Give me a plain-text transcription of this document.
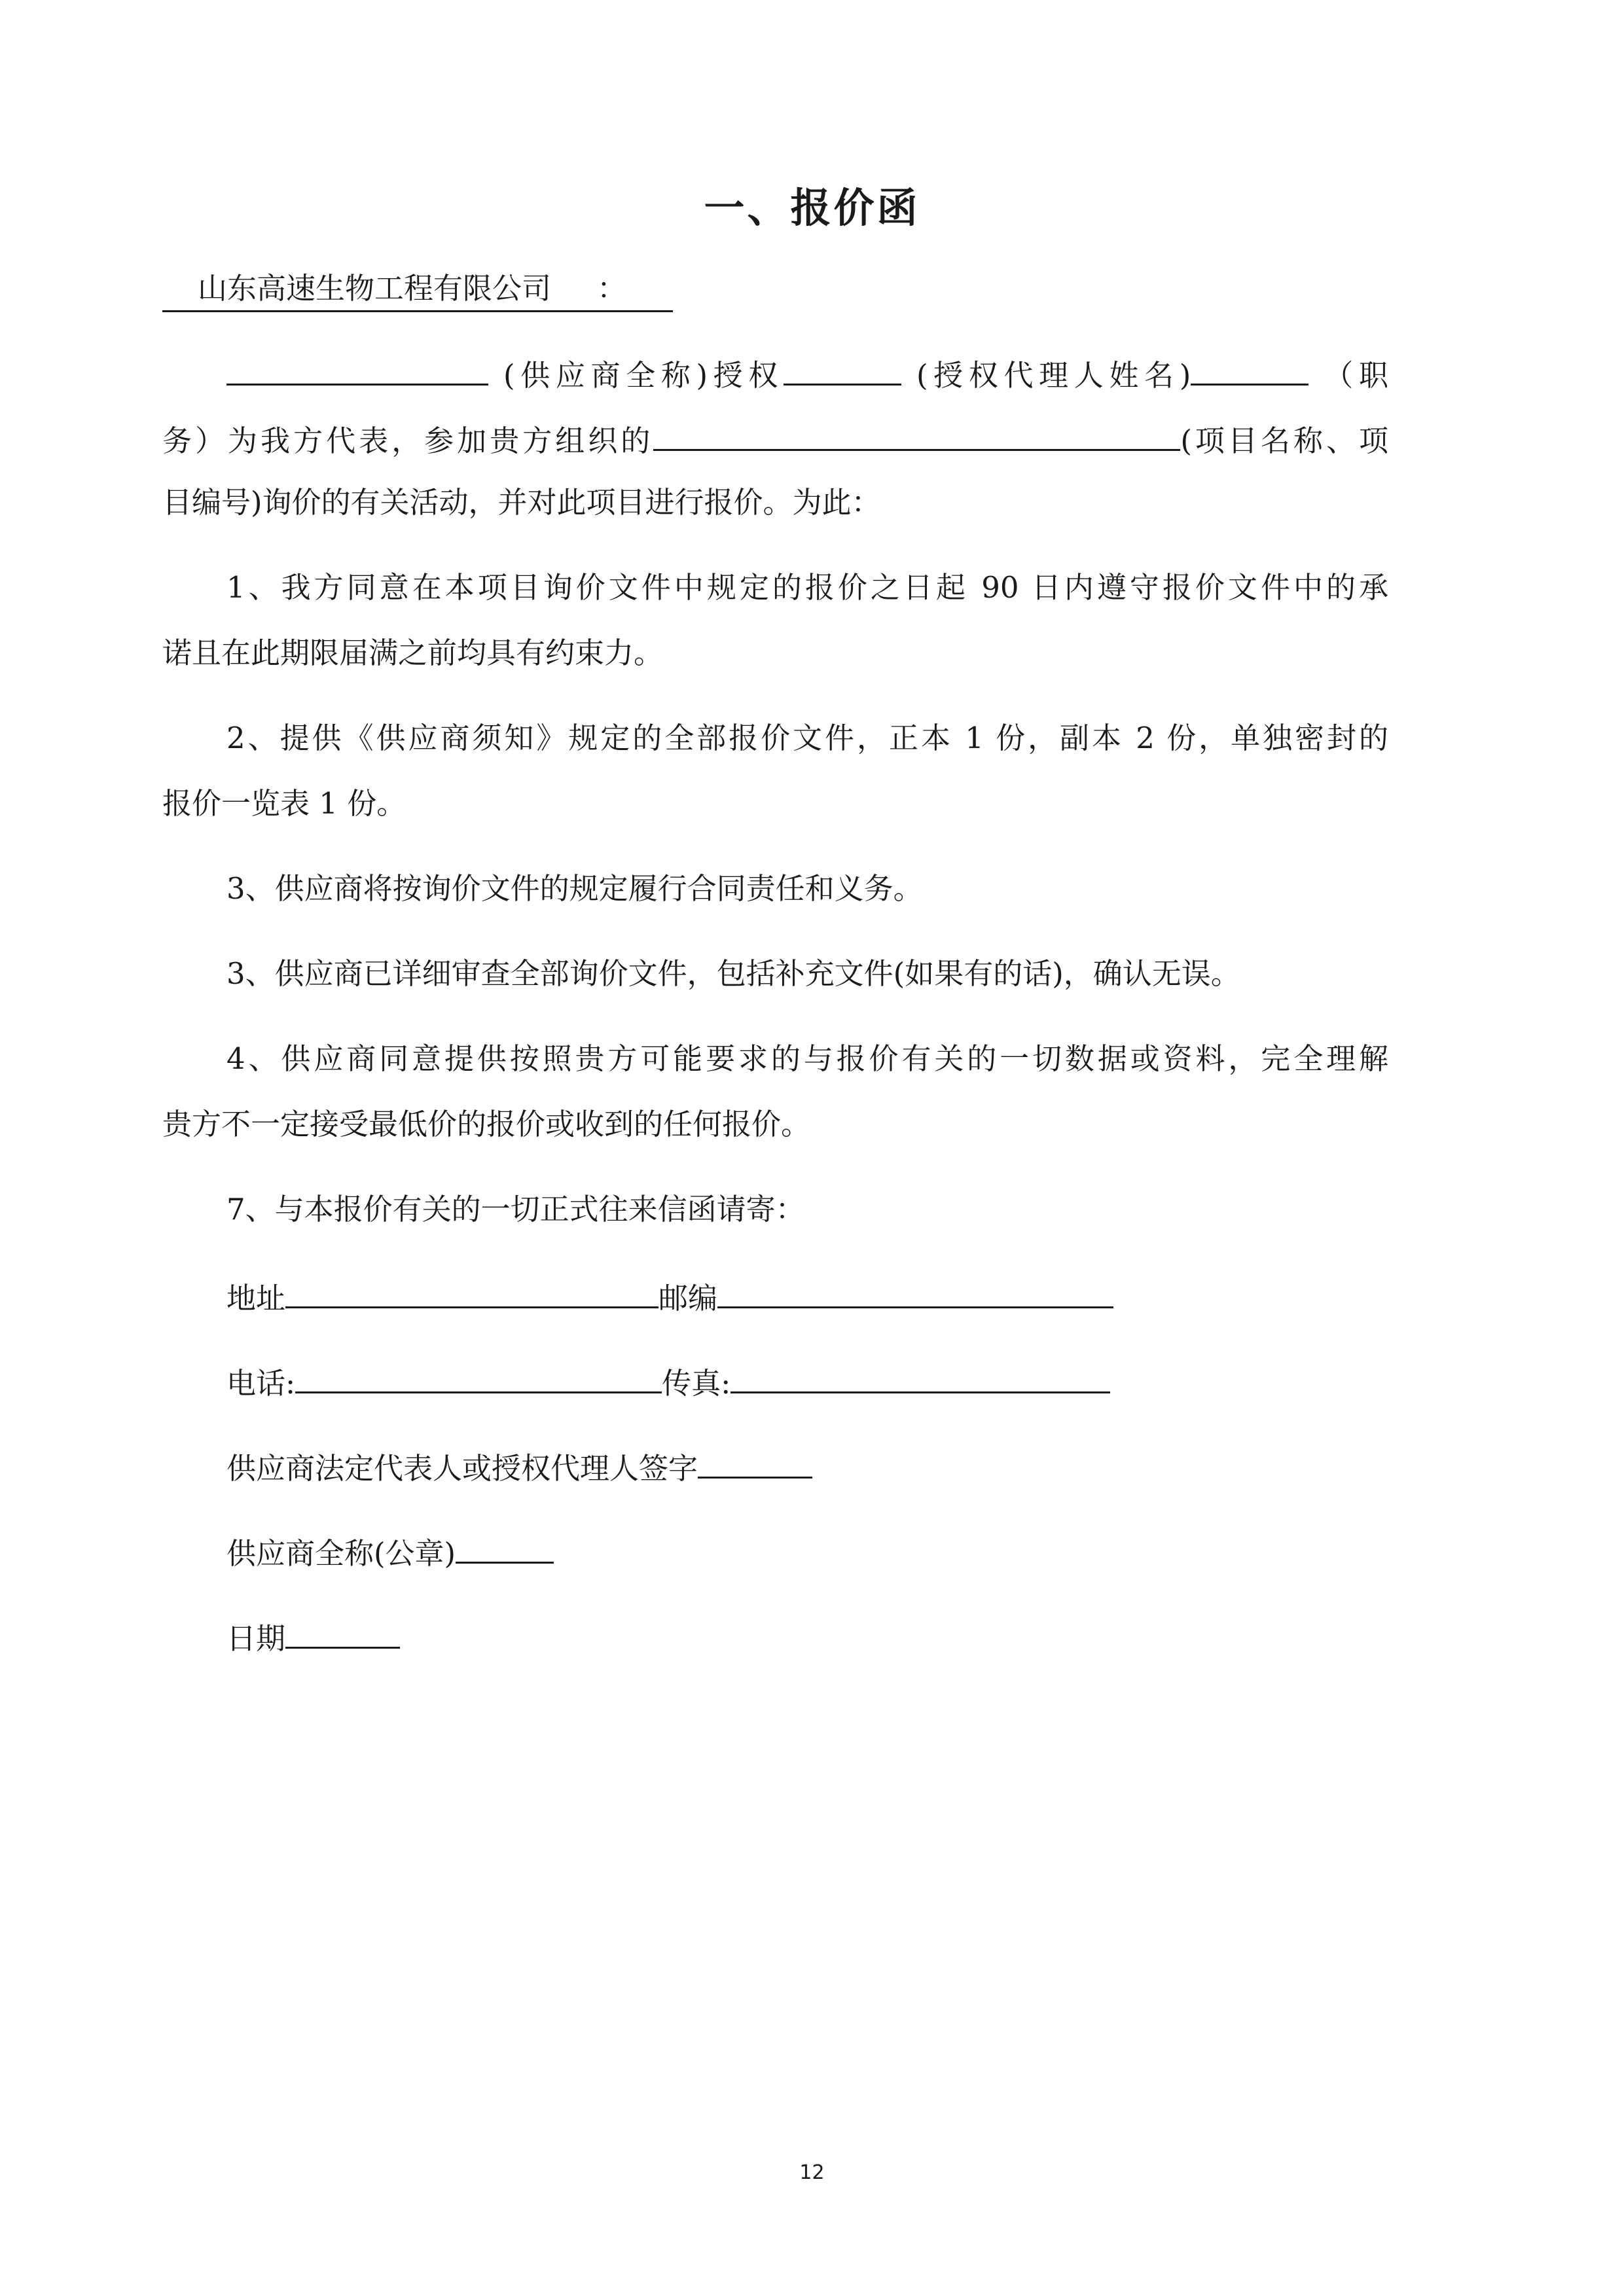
一、报价函
山东高速生物工程有限公司 ：
(供应商全称)授权	(授权代理人姓名)	（职
务）为我方代表，参加贵方组织的	(项目名称、项
目编号)询价的有关活动，并对此项目进行报价。为此：
1、我方同意在本项目询价文件中规定的报价之日起 90 日内遵守报价文件中的承
诺且在此期限届满之前均具有约束力。
2、提供《供应商须知》规定的全部报价文件，正本 1 份，副本 2 份，单独密封的
报价一览表 1 份。
3、供应商将按询价文件的规定履行合同责任和义务。
3、供应商已详细审查全部询价文件，包括补充文件(如果有的话)，确认无误。
4、供应商同意提供按照贵方可能要求的与报价有关的一切数据或资料，完全理解
贵方不一定接受最低价的报价或收到的任何报价。
7、与本报价有关的一切正式往来信函请寄：
地址	邮编
电话:	传真:
供应商法定代表人或授权代理人签字
供应商全称(公章)
日期
12
